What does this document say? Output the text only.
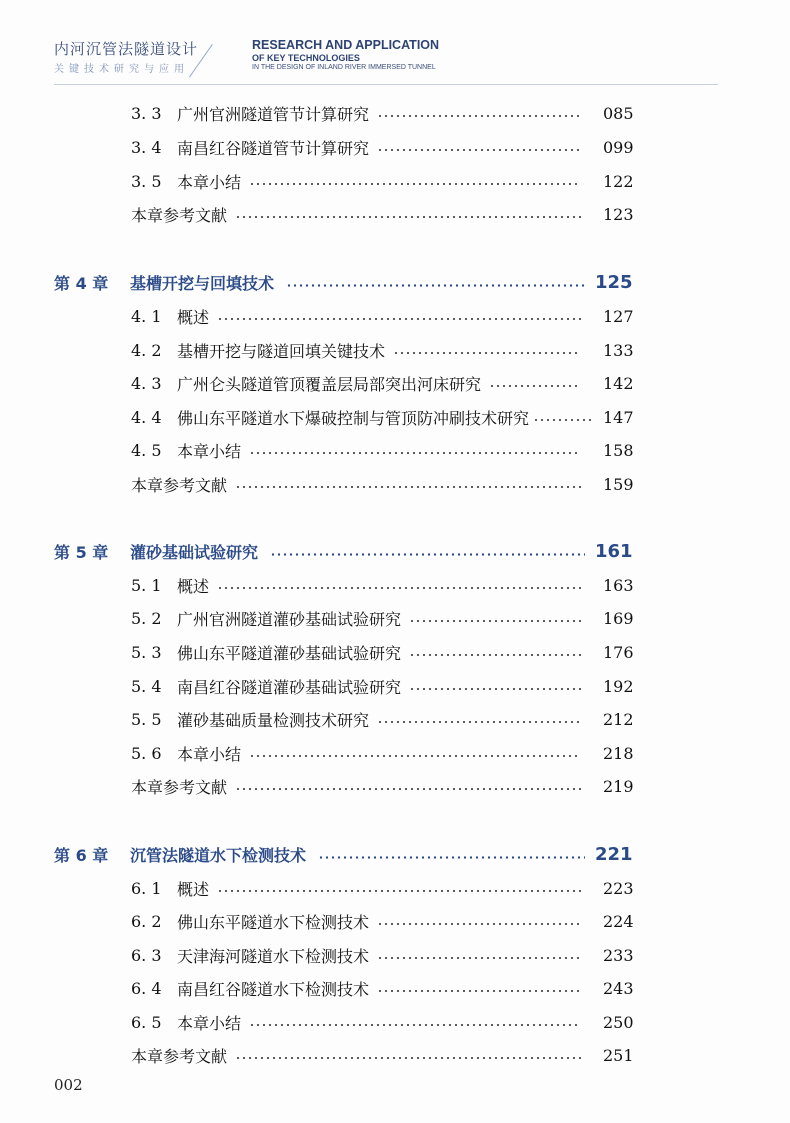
内河沉管法隧道设计
关键技术研究与应用
RESEARCH AND APPLICATION
OF KEY TECHNOLOGIES
IN THE DESIGN OF INLAND RIVER IMMERSED TUNNEL
3. 3 广州官洲隧道管节计算研究	085
3. 4 南昌红谷隧道管节计算研究	099
3. 5 本章小结	122
本章参考文献	123
第 4 章	基槽开挖与回填技术	125
4. 1 概述	127
4. 2 基槽开挖与隧道回填关键技术	133
4. 3 广州仑头隧道管顶覆盖层局部突出河床研究	142
4. 4 佛山东平隧道水下爆破控制与管顶防冲刷技术研究	147
4. 5 本章小结	158
本章参考文献	159
第 5 章	灌砂基础试验研究	161
5. 1 概述	163
5. 2 广州官洲隧道灌砂基础试验研究	169
5. 3 佛山东平隧道灌砂基础试验研究	176
5. 4 南昌红谷隧道灌砂基础试验研究	192
5. 5 灌砂基础质量检测技术研究	212
5. 6 本章小结	218
本章参考文献	219
第 6 章	沉管法隧道水下检测技术	221
6. 1 概述	223
6. 2 佛山东平隧道水下检测技术	224
6. 3 天津海河隧道水下检测技术	233
6. 4 南昌红谷隧道水下检测技术	243
6. 5 本章小结	250
本章参考文献	251
002
